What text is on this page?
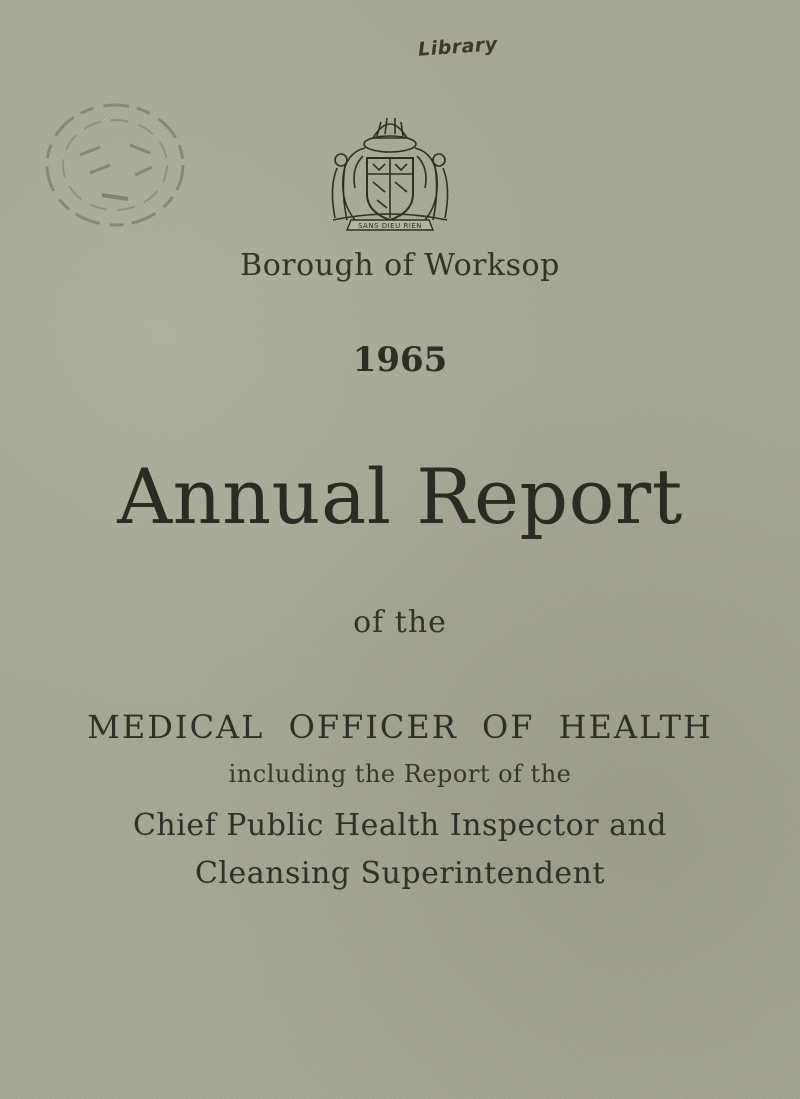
Library
SANS DIEU RIEN
Borough of Worksop
1965
Annual Report
of the
MEDICAL OFFICER OF HEALTH
including the Report of the
Chief Public Health Inspector and
Cleansing Superintendent
